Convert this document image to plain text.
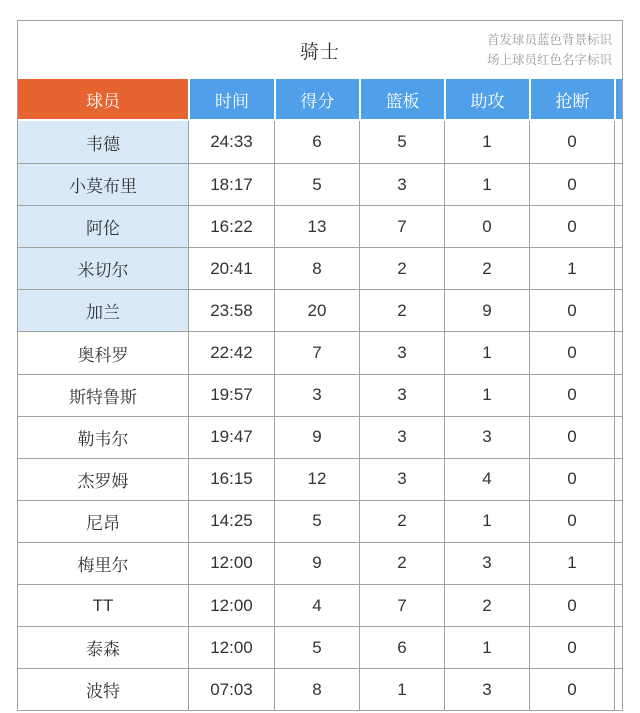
骑士
首发球员蓝色背景标识
场上球员红色名字标识
球员	时间	得分	篮板	助攻	抢断	
韦德	24:33	6	5	1	0	
小莫布里	18:17	5	3	1	0	
阿伦	16:22	13	7	0	0	
米切尔	20:41	8	2	2	1	
加兰	23:58	20	2	9	0	
奥科罗	22:42	7	3	1	0	
斯特鲁斯	19:57	3	3	1	0	
勒韦尔	19:47	9	3	3	0	
杰罗姆	16:15	12	3	4	0	
尼昂	14:25	5	2	1	0	
梅里尔	12:00	9	2	3	1	
TT	12:00	4	7	2	0	
泰森	12:00	5	6	1	0	
波特	07:03	8	1	3	0	
